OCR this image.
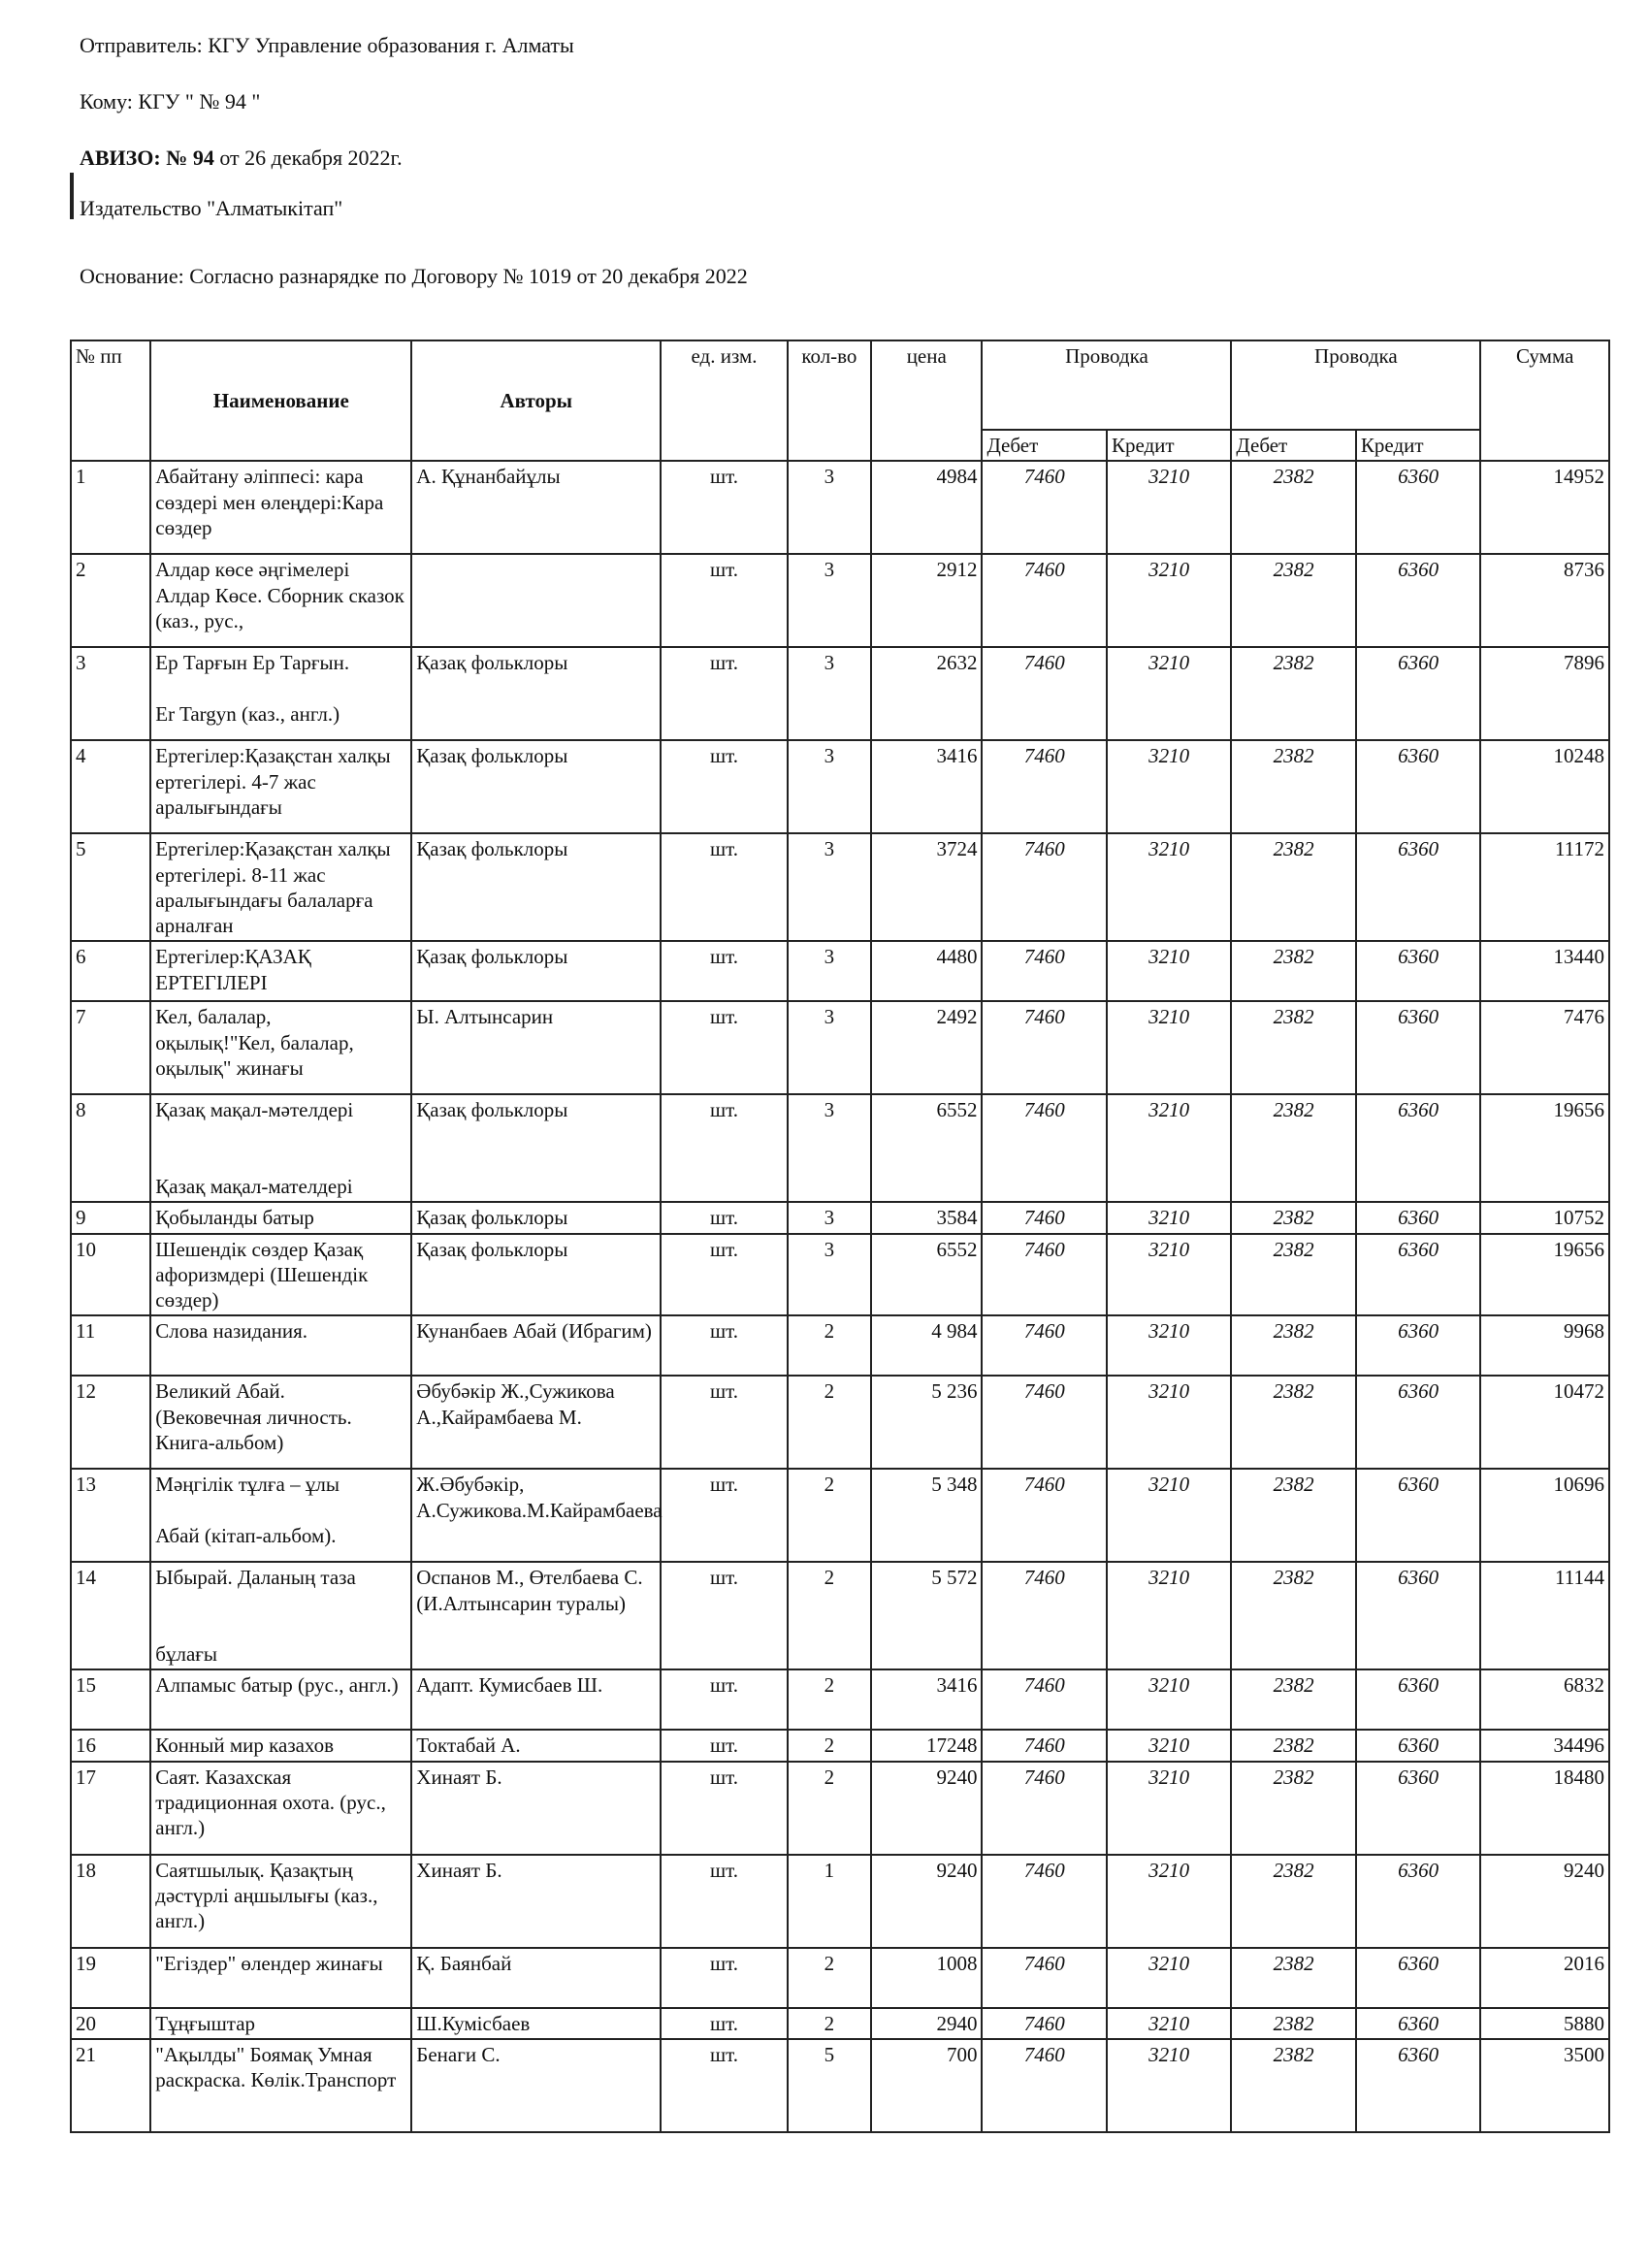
Отправитель: КГУ Управление образования г. Алматы
Кому: КГУ " № 94 "
АВИЗО: № 94 от 26 декабря 2022г.
Издательство "Алматыкітап"
Основание: Согласно разнарядке по Договору № 1019 от 20 декабря 2022
№ пп	Наименование	Авторы	ед. изм.	кол-во	цена	Проводка		Проводка		Сумма
						Дебет	Кредит	Дебет	Кредит	
1	Абайтану әліппесі: кара сөздері мен өлеңдері:Кара сөздер	А. Құнанбайұлы	шт.	3	4984	7460	3210	2382	6360	14952
2	Алдар көсе әңгімелері Алдар Көсе. Сборник сказок (каз., рус.,		шт.	3	2912	7460	3210	2382	6360	8736
3	Ер Тарғын Ер Тарғын.

Er Targyn (каз., англ.)	Қазақ фольклоры	шт.	3	2632	7460	3210	2382	6360	7896
4	Ертегілер:Қазақстан халқы ертегілері. 4-7 жас аралығындағы	Қазақ фольклоры	шт.	3	3416	7460	3210	2382	6360	10248
5	Ертегілер:Қазақстан халқы ертегілері. 8-11 жас аралығындағы балаларға арналған	Қазақ фольклоры	шт.	3	3724	7460	3210	2382	6360	11172
6	Ертегілер:ҚАЗАҚ ЕРТЕГІЛЕРІ	Қазақ фольклоры	шт.	3	4480	7460	3210	2382	6360	13440
7	Кел, балалар,
oқылық!"Кел, балалар, оқылық" жинағы	Ы. Алтынсарин	шт.	3	2492	7460	3210	2382	6360	7476
8	Қазақ мақал-мәтелдері

Қазақ мақал-мателдері	Қазақ фольклоры	шт.	3	6552	7460	3210	2382	6360	19656
9	Қобыланды батыр	Қазақ фольклоры	шт.	3	3584	7460	3210	2382	6360	10752
10	Шешендік сөздер Қазақ афоризмдері (Шешендік сөздер)	Қазақ фольклоры	шт.	3	6552	7460	3210	2382	6360	19656
11	Слова назидания.	Кунанбаев Абай (Ибрагим)	шт.	2	4 984	7460	3210	2382	6360	9968
12	Великий Абай.
(Вековечная личность.
Книга-альбом)	Әбубәкір Ж.,Сужикова А.,Кайрамбаева М.	шт.	2	5 236	7460	3210	2382	6360	10472
13	Мәңгілік тұлға – ұлы

Абай (кітап-альбом).	Ж.Әбубәкір, А.Сужикова.М.Кайрамбаева	шт.	2	5 348	7460	3210	2382	6360	10696
14	Ыбырай. Даланың таза

бұлағы	Оспанов М., Өтелбаева С. (И.Алтынсарин туралы)	шт.	2	5 572	7460	3210	2382	6360	11144
15	Алпамыс батыр (рус., англ.)	Адапт. Кумисбаев Ш.	шт.	2	3416	7460	3210	2382	6360	6832
16	Конный мир казахов	Токтабай А.	шт.	2	17248	7460	3210	2382	6360	34496
17	Саят. Казахская традиционная охота. (рус., англ.)	Хинаят Б.	шт.	2	9240	7460	3210	2382	6360	18480
18	Саятшылық. Қазақтың дәстүрлі аңшылығы (каз., англ.)	Хинаят Б.	шт.	1	9240	7460	3210	2382	6360	9240
19	"Егіздер" өлендер жинағы	Қ. Баянбай	шт.	2	1008	7460	3210	2382	6360	2016
20	Тұңғыштар	Ш.Кумісбаев	шт.	2	2940	7460	3210	2382	6360	5880
21	"Ақылды" Боямақ Умная раскраска. Көлік.Транспорт	Бенаги С.	шт.	5	700	7460	3210	2382	6360	3500
